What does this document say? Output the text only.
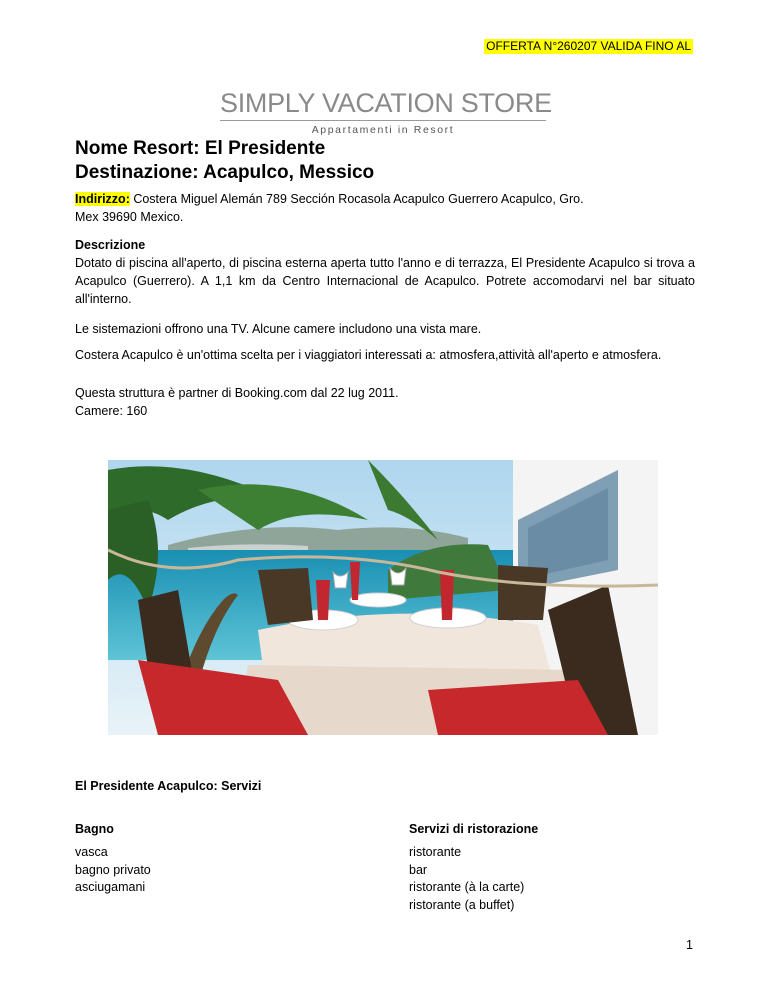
OFFERTA N°260207 VALIDA FINO AL
SIMPLY VACATION STORE
Appartamenti in Resort
Nome Resort: El Presidente
Destinazione: Acapulco, Messico
Indirizzo: Costera Miguel Alemán 789 Sección Rocasola Acapulco Guerrero Acapulco, Gro.
Mex 39690 Mexico.
Descrizione
Dotato di piscina all'aperto, di piscina esterna aperta tutto l'anno e di terrazza, El Presidente Acapulco si trova a Acapulco (Guerrero). A 1,1 km da Centro Internacional de Acapulco. Potrete accomodarvi nel bar situato all'interno.
Le sistemazioni offrono una TV. Alcune camere includono una vista mare.
Costera Acapulco è un'ottima scelta per i viaggiatori interessati a: atmosfera,attività all'aperto e atmosfera.
Questa struttura è partner di Booking.com dal 22 lug 2011.
Camere: 160
El Presidente Acapulco: Servizi
Bagno
vasca
bagno privato
asciugamani
Servizi di ristorazione
ristorante
bar
ristorante (à la carte)
ristorante (a buffet)
1
